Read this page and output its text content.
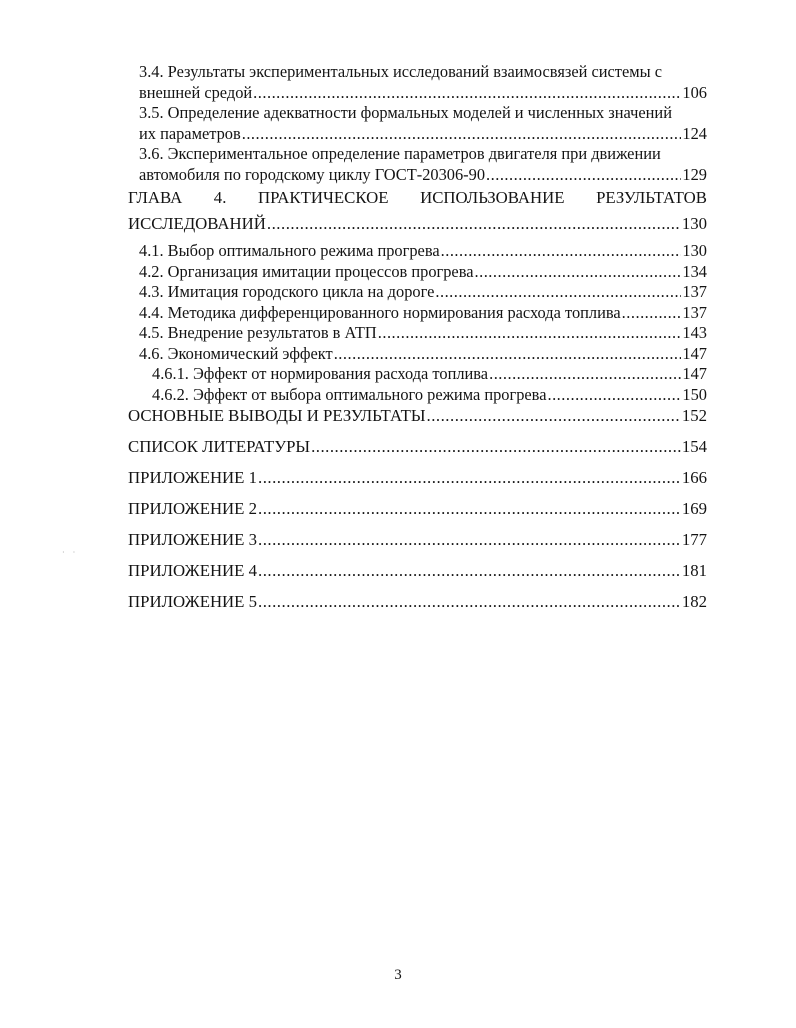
3.4. Результаты экспериментальных исследований взаимосвязей системы с
внешней средой .....	106
3.5. Определение адекватности формальных моделей и численных значений
их параметров .....	124
3.6. Экспериментальное определение параметров двигателя при движении
автомобиля по городскому циклу ГОСТ-20306-90 .....	129
ГЛАВА 4. ПРАКТИЧЕСКОЕ ИСПОЛЬЗОВАНИЕ РЕЗУЛЬТАТОВ
ИССЛЕДОВАНИЙ .....	130
4.1. Выбор оптимального режима прогрева .....	130
4.2. Организация имитации процессов прогрева .....	134
4.3. Имитация городского цикла на дороге .....	137
4.4. Методика дифференцированного нормирования расхода топлива .....	137
4.5. Внедрение результатов в АТП .....	143
4.6. Экономический эффект .....	147
4.6.1. Эффект от нормирования расхода топлива .....	147
4.6.2. Эффект от выбора оптимального режима прогрева .....	150
ОСНОВНЫЕ ВЫВОДЫ И РЕЗУЛЬТАТЫ .....	152
СПИСОК ЛИТЕРАТУРЫ .....	154
ПРИЛОЖЕНИЕ 1 .....	166
ПРИЛОЖЕНИЕ 2 .....	169
ПРИЛОЖЕНИЕ 3 .....	177
ПРИЛОЖЕНИЕ 4 .....	181
ПРИЛОЖЕНИЕ 5 .....	182
· ·
3
